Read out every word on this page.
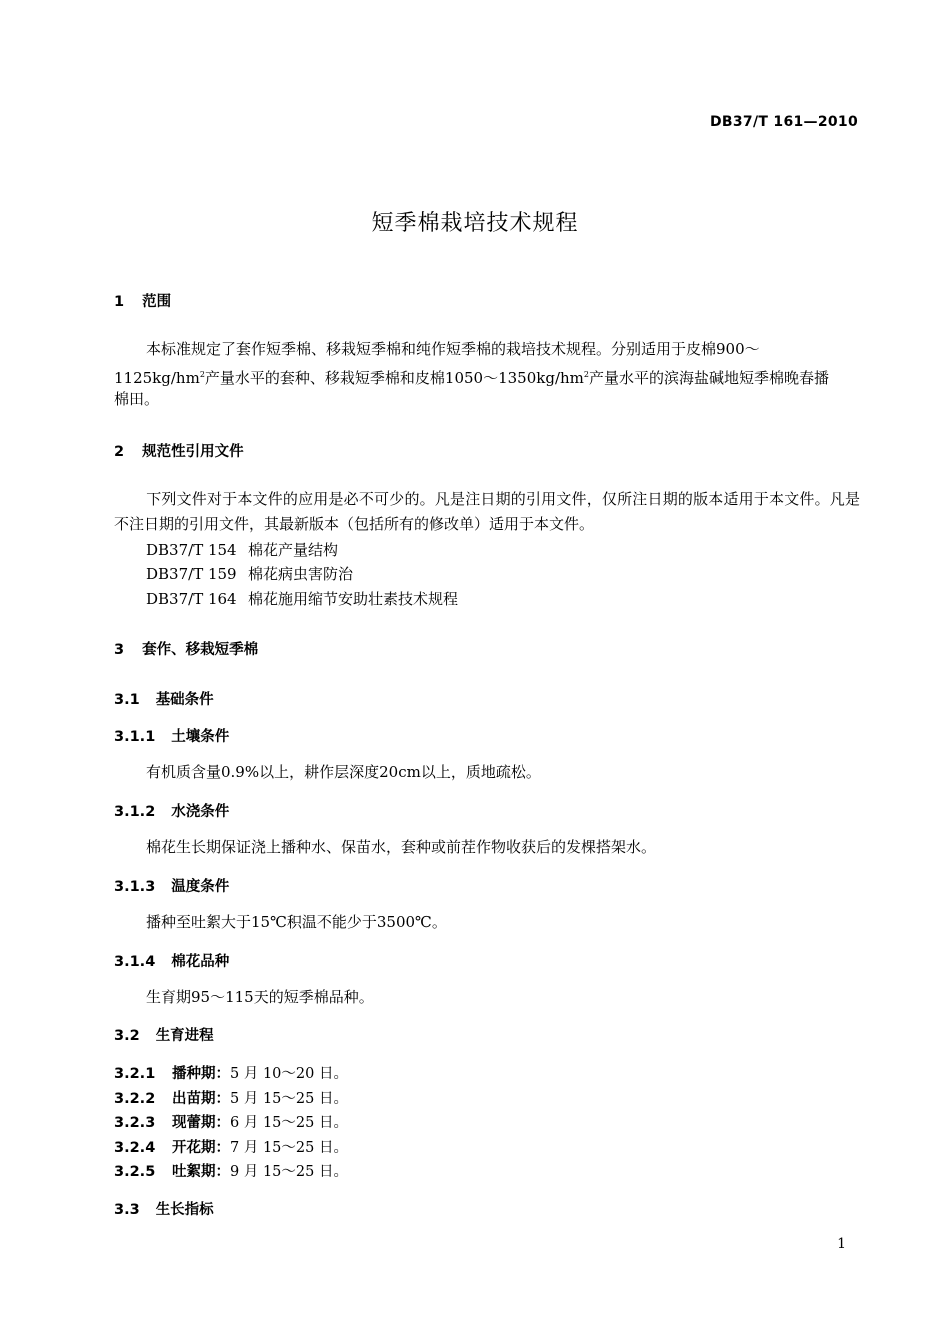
DB37/T 161—2010
短季棉栽培技术规程
1 范围
本标准规定了套作短季棉、移栽短季棉和纯作短季棉的栽培技术规程。分别适用于皮棉900～
$1125kg/hm^2$产量水平的套种、移栽短季棉和皮棉$1050\sim 1350kg/hm^2$产量水平的滨海盐碱地短季棉晚春播
棉田。
2 规范性引用文件
下列文件对于本文件的应用是必不可少的。凡是注日期的引用文件，仅所注日期的版本适用于本文件。凡是不注日期的引用文件，其最新版本（包括所有的修改单）适用于本文件。
DB37/T 154 棉花产量结构
DB37/T 159 棉花病虫害防治
DB37/T 164 棉花施用缩节安助壮素技术规程
3 套作、移栽短季棉
3.1 基础条件
3.1.1 土壤条件
有机质含量0.9%以上，耕作层深度20cm以上，质地疏松。
3.1.2 水浇条件
棉花生长期保证浇上播种水、保苗水，套种或前茬作物收获后的发棵搭架水。
3.1.3 温度条件
播种至吐絮大于15℃积温不能少于3500℃。
3.1.4 棉花品种
生育期95～115天的短季棉品种。
3.2 生育进程
3.2.1 播种期：5 月 10～20 日。
3.2.2 出苗期：5 月 15～25 日。
3.2.3 现蕾期：6 月 15～25 日。
3.2.4 开花期：7 月 15～25 日。
3.2.5 吐絮期：9 月 15～25 日。
3.3 生长指标
1
